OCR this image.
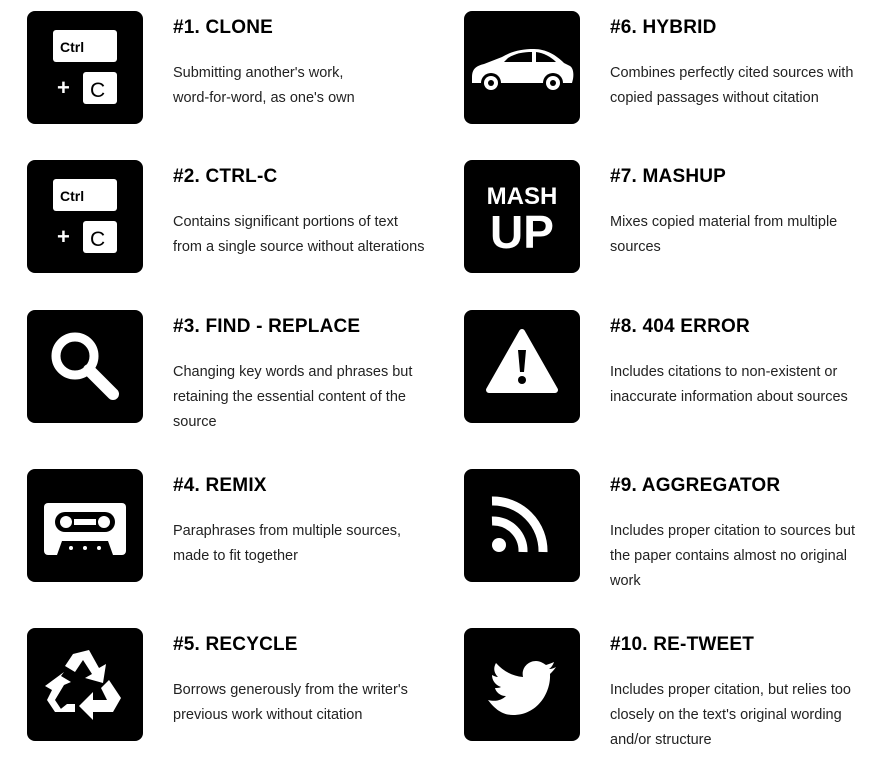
Ctrl
+ C
#1. CLONE
Submitting another's work,
word-for-word, as one's own
Ctrl
+ C
#2. CTRL-C
Contains significant portions of text
from a single source without alterations
#3. FIND - REPLACE
Changing key words and phrases but
retaining the essential content of the
source
#4. REMIX
Paraphrases from multiple sources,
made to fit together
#5. RECYCLE
Borrows generously from the writer's
previous work without citation
#6. HYBRID
Combines perfectly cited sources with
copied passages without citation
MASH
UP
#7. MASHUP
Mixes copied material from multiple
sources
#8. 404 ERROR
Includes citations to non-existent or
inaccurate information about sources
#9. AGGREGATOR
Includes proper citation to sources but
the paper contains almost no original
work
#10. RE-TWEET
Includes proper citation, but relies too
closely on the text's original wording
and/or structure
